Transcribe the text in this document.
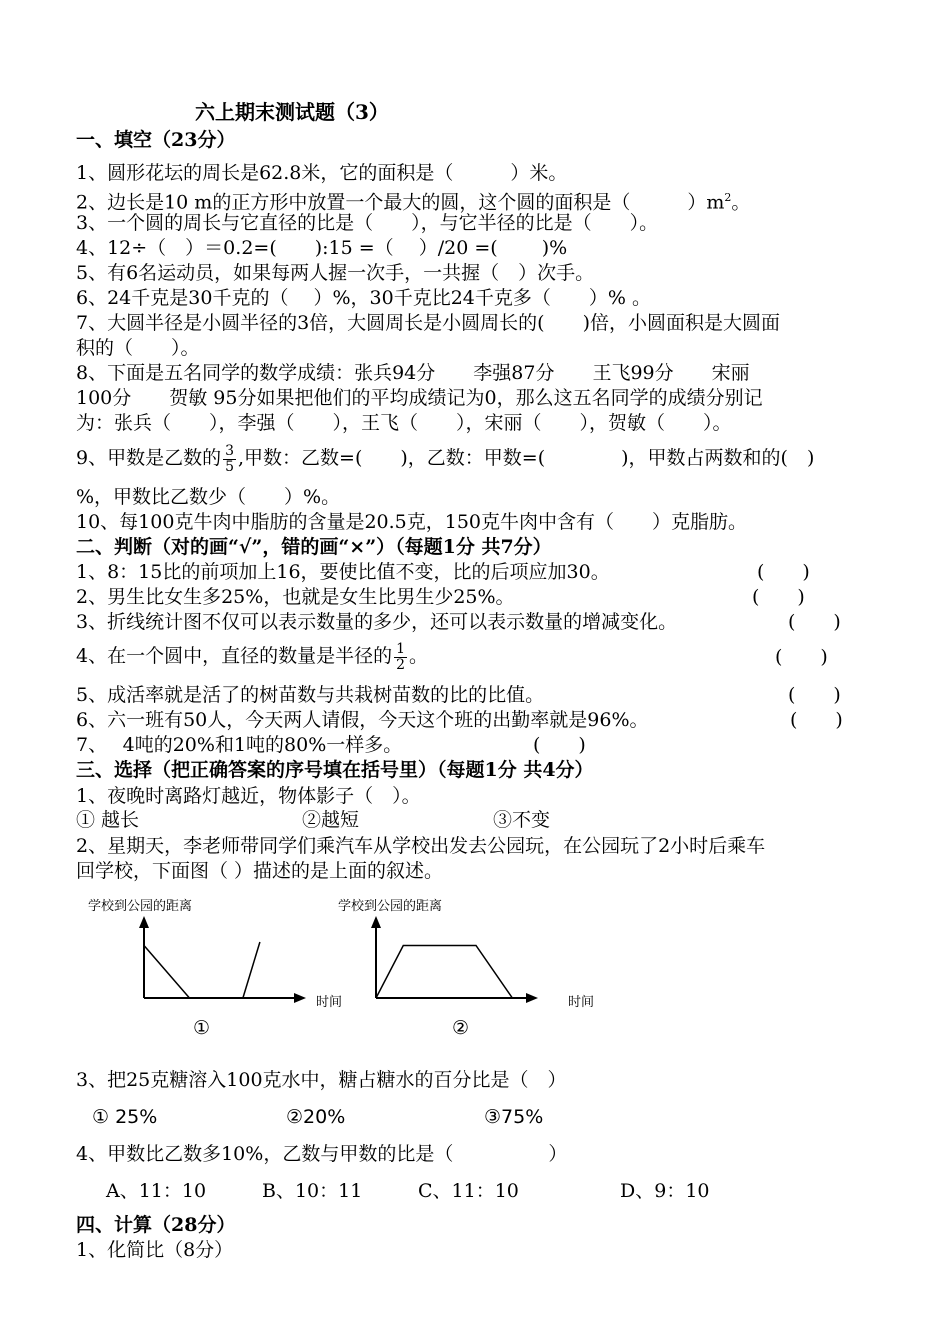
六上期末测试题（3）
一、填空（23分）
1、圆形花坛的周长是62.8米，它的面积是（　　　）米。
2、边长是10 m的正方形中放置一个最大的圆，这个圆的面积是（　　　）$m^2$。
3、一个圆的周长与它直径的比是（　　），与它半径的比是（　　）。
4、12÷（　）＝0.2=(　　):15 =（　 ）/20 =(　　 )%
5、有6名运动员，如果每两人握一次手，一共握（　）次手。
6、24千克是30千克的（　 ）%，30千克比24千克多（　　）% 。
7、大圆半径是小圆半径的3倍，大圆周长是小圆周长的(　　)倍，小圆面积是大圆面
积的（　　）。
8、下面是五名同学的数学成绩：张兵94分　　李强87分　　王飞99分　　宋丽
100分　　贺敏 95分如果把他们的平均成绩记为0，那么这五名同学的成绩分别记
为：张兵（　　），李强（　　），王飞（　　），宋丽（　　），贺敏（　　）。
9、甲数是乙数的 $\frac{3}{5}$ ,甲数：乙数=(　　)，乙数：甲数=(　　　　)，甲数占两数和的(　)
%，甲数比乙数少（　　）%。
10、每100克牛肉中脂肪的含量是20.5克，150克牛肉中含有（　　）克脂肪。
二、判断（对的画“√”，错的画“×”）（每题1分 共7分）
1、8：15比的前项加上16，要使比值不变，比的后项应加30。	(　　)
2、男生比女生多25%，也就是女生比男生少25%。	(　　)
3、折线统计图不仅可以表示数量的多少，还可以表示数量的增减变化。	(　　)
4、在一个圆中，直径的数量是半径的 $\frac{1}{2}$ 。	(　　)
5、成活率就是活了的树苗数与共栽树苗数的比的比值。	(　　)
6、六一班有50人，今天两人请假，今天这个班的出勤率就是96%。	(　　)
7、　 4吨的20%和1吨的80%一样多。	(　　)
三、选择（把正确答案的序号填在括号里）（每题1分 共4分）
1、夜晚时离路灯越近，物体影子（　）。
① 越长	②越短	③不变
2、星期天，李老师带同学们乘汽车从学校出发去公园玩，在公园玩了2小时后乘车
回学校，下面图（ ）描述的是上面的叙述。
学校到公园的距离
时间
①
学校到公园的距离
时间
②
3、把25克糖溶入100克水中，糖占糖水的百分比是（　）
① 25%	②20%	③75%
4、甲数比乙数多10%，乙数与甲数的比是（　　　　　）
A、11：10	B、10：11	C、11：10	D、9：10
四、计算（28分）
1、化简比（8分）
